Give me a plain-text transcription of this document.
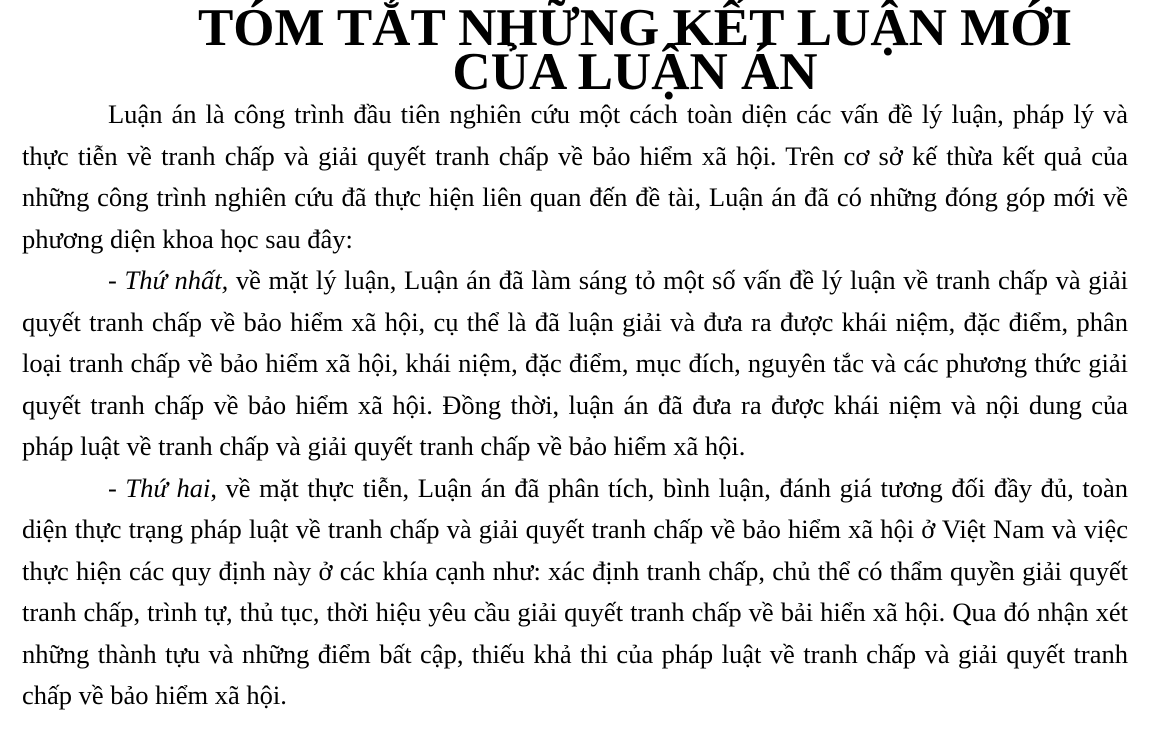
TÓM TẮT NHỮNG KẾT LUẬN MỚI CỦA LUẬN ÁN

Luận án là công trình đầu tiên nghiên cứu một cách toàn diện các vấn đề lý luận, pháp lý và thực tiễn về tranh chấp và giải quyết tranh chấp về bảo hiểm xã hội. Trên cơ sở kế thừa kết quả của những công trình nghiên cứu đã thực hiện liên quan đến đề tài, Luận án đã có những đóng góp mới về phương diện khoa học sau đây:

- Thứ nhất, về mặt lý luận, Luận án đã làm sáng tỏ một số vấn đề lý luận về tranh chấp và giải quyết tranh chấp về bảo hiểm xã hội, cụ thể là đã luận giải và đưa ra được khái niệm, đặc điểm, phân loại tranh chấp về bảo hiểm xã hội, khái niệm, đặc điểm, mục đích, nguyên tắc và các phương thức giải quyết tranh chấp về bảo hiểm xã hội. Đồng thời, luận án đã đưa ra được khái niệm và nội dung của pháp luật về tranh chấp và giải quyết tranh chấp về bảo hiểm xã hội.

- Thứ hai, về mặt thực tiễn, Luận án đã phân tích, bình luận, đánh giá tương đối đầy đủ, toàn diện thực trạng pháp luật về tranh chấp và giải quyết tranh chấp về bảo hiểm xã hội ở Việt Nam và việc thực hiện các quy định này ở các khía cạnh như: xác định tranh chấp, chủ thể có thẩm quyền giải quyết tranh chấp, trình tự, thủ tục, thời hiệu yêu cầu giải quyết tranh chấp về bải hiển xã hội. Qua đó nhận xét những thành tựu và những điểm bất cập, thiếu khả thi của pháp luật về tranh chấp và giải quyết tranh chấp về bảo hiểm xã hội.
